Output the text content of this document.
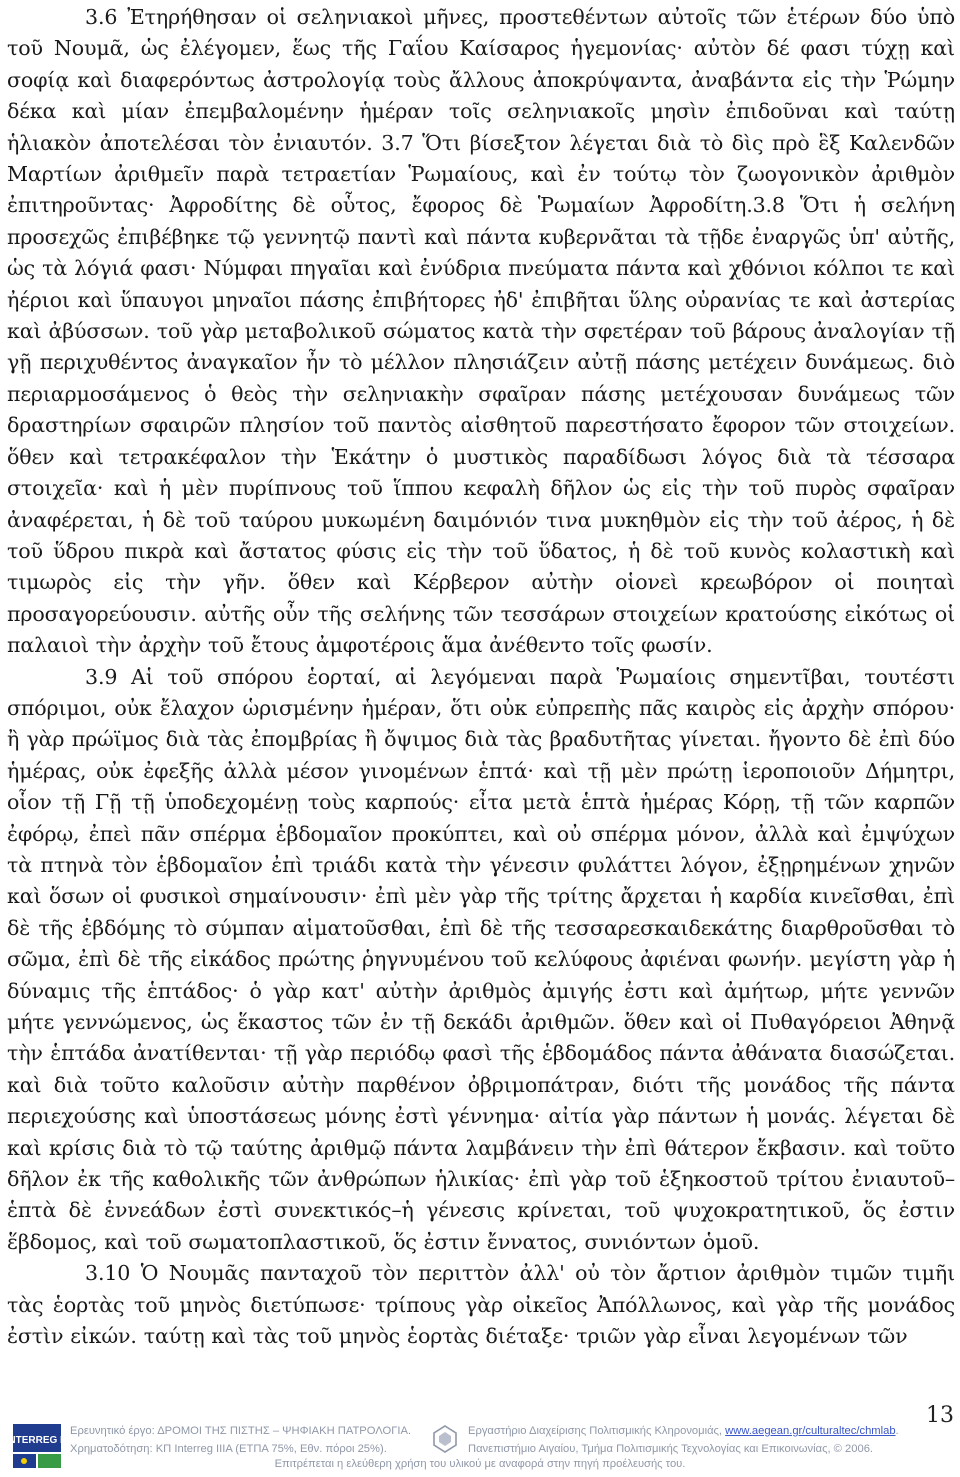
3.6 Ἐτηρήθησαν οἱ σεληνιακοὶ μῆνες, προστεθέντων αὐτοῖς τῶν ἑτέρων δύο ὑπὸ τοῦ Νουμᾶ, ὡς ἐλέγομεν, ἕως τῆς Γαΐου Καίσαρος ἡγεμονίας· αὐτὸν δέ φασι τύχῃ καὶ σοφίᾳ καὶ διαφερόντως ἀστρολογίᾳ τοὺς ἄλλους ἀποκρύψαντα, ἀναβάντα εἰς τὴν Ῥώμην δέκα καὶ μίαν ἐπεμβαλομένην ἡμέραν τοῖς σεληνιακοῖς μησὶν ἐπιδοῦναι καὶ ταύτῃ ἡλιακὸν ἀποτελέσαι τὸν ἐνιαυτόν. 3.7 Ὅτι βίσεξτον λέγεται διὰ τὸ δὶς πρὸ ἓξ Καλενδῶν Μαρτίων ἀριθμεῖν παρὰ τετραετίαν Ῥωμαίους, καὶ ἐν τούτῳ τὸν ζωογονικὸν ἀριθμὸν ἐπιτηροῦντας· Ἀφροδίτης δὲ οὗτος, ἔφορος δὲ Ῥωμαίων Ἀφροδίτη.3.8 Ὅτι ἡ σελήνη προσεχῶς ἐπιβέβηκε τῷ γεννητῷ παντὶ καὶ πάντα κυβερνᾶται τὰ τῇδε ἐναργῶς ὑπ' αὐτῆς, ὡς τὰ λόγιά φασι· Νύμφαι πηγαῖαι καὶ ἐνύδρια πνεύματα πάντα καὶ χθόνιοι κόλποι τε καὶ ἠέριοι καὶ ὕπαυγοι μηναῖοι πάσης ἐπιβήτορες ἠδ' ἐπιβῆται ὕλης οὐρανίας τε καὶ ἀστερίας καὶ ἀβύσσων. τοῦ γὰρ μεταβολικοῦ σώματος κατὰ τὴν σφετέραν τοῦ βάρους ἀναλογίαν τῇ γῇ περιχυθέντος ἀναγκαῖον ἦν τὸ μέλλον πλησιάζειν αὐτῇ πάσης μετέχειν δυνάμεως. διὸ περιαρμοσάμενος ὁ θεὸς τὴν σεληνιακὴν σφαῖραν πάσης μετέχουσαν δυνάμεως τῶν δραστηρίων σφαιρῶν πλησίον τοῦ παντὸς αἰσθητοῦ παρεστήσατο ἔφορον τῶν στοιχείων. ὅθεν καὶ τετρακέφαλον τὴν Ἑκάτην ὁ μυστικὸς παραδίδωσι λόγος διὰ τὰ τέσσαρα στοιχεῖα· καὶ ἡ μὲν πυρίπνους τοῦ ἵππου κεφαλὴ δῆλον ὡς εἰς τὴν τοῦ πυρὸς σφαῖραν ἀναφέρεται, ἡ δὲ τοῦ ταύρου μυκωμένη δαιμόνιόν τινα μυκηθμὸν εἰς τὴν τοῦ ἀέρος, ἡ δὲ τοῦ ὕδρου πικρὰ καὶ ἄστατος φύσις εἰς τὴν τοῦ ὕδατος, ἡ δὲ τοῦ κυνὸς κολαστικὴ καὶ τιμωρὸς εἰς τὴν γῆν. ὅθεν καὶ Κέρβερον αὐτὴν οἱονεὶ κρεωβόρον οἱ ποιηταὶ προσαγορεύουσιν. αὐτῆς οὖν τῆς σελήνης τῶν τεσσάρων στοιχείων κρατούσης εἰκότως οἱ παλαιοὶ τὴν ἀρχὴν τοῦ ἔτους ἀμφοτέροις ἅμα ἀνέθεντο τοῖς φωσίν.

3.9 Αἱ τοῦ σπόρου ἑορταί, αἱ λεγόμεναι παρὰ Ῥωμαίοις σημεντῖβαι, τουτέστι σπόριμοι, οὐκ ἔλαχον ὡρισμένην ἡμέραν, ὅτι οὐκ εὐπρεπὴς πᾶς καιρὸς εἰς ἀρχὴν σπόρου· ἢ γὰρ πρώϊμος διὰ τὰς ἐπομβρίας ἢ ὄψιμος διὰ τὰς βραδυτῆτας γίνεται. ἤγοντο δὲ ἐπὶ δύο ἡμέρας, οὐκ ἐφεξῆς ἀλλὰ μέσον γινομένων ἑπτά· καὶ τῇ μὲν πρώτῃ ἱεροποιοῦν Δήμητρι, οἷον τῇ Γῇ τῇ ὑποδεχομένῃ τοὺς καρπούς· εἶτα μετὰ ἑπτὰ ἡμέρας Κόρῃ, τῇ τῶν καρπῶν ἐφόρῳ, ἐπεὶ πᾶν σπέρμα ἑβδομαῖον προκύπτει, καὶ οὐ σπέρμα μόνον, ἀλλὰ καὶ ἐμψύχων τὰ πτηνὰ τὸν ἑβδομαῖον ἐπὶ τριάδι κατὰ τὴν γένεσιν φυλάττει λόγον, ἐξῃρημένων χηνῶν καὶ ὅσων οἱ φυσικοὶ σημαίνουσιν· ἐπὶ μὲν γὰρ τῆς τρίτης ἄρχεται ἡ καρδία κινεῖσθαι, ἐπὶ δὲ τῆς ἑβδόμης τὸ σύμπαν αἱματοῦσθαι, ἐπὶ δὲ τῆς τεσσαρεσκαιδεκάτης διαρθροῦσθαι τὸ σῶμα, ἐπὶ δὲ τῆς εἰκάδος πρώτης ῥηγνυμένου τοῦ κελύφους ἀφιέναι φωνήν. μεγίστη γὰρ ἡ δύναμις τῆς ἑπτάδος· ὁ γὰρ κατ' αὐτὴν ἀριθμὸς ἀμιγής ἐστι καὶ ἀμήτωρ, μήτε γεννῶν μήτε γεννώμενος, ὡς ἕκαστος τῶν ἐν τῇ δεκάδι ἀριθμῶν. ὅθεν καὶ οἱ Πυθαγόρειοι Ἀθηνᾷ τὴν ἑπτάδα ἀνατίθενται· τῇ γὰρ περιόδῳ φασὶ τῆς ἑβδομάδος πάντα ἀθάνατα διασώζεται. καὶ διὰ τοῦτο καλοῦσιν αὐτὴν παρθένον ὀβριμοπάτραν, διότι τῆς μονάδος τῆς πάντα περιεχούσης καὶ ὑποστάσεως μόνης ἐστὶ γέννημα· αἰτία γὰρ πάντων ἡ μονάς. λέγεται δὲ καὶ κρίσις διὰ τὸ τῷ ταύτης ἀριθμῷ πάντα λαμβάνειν τὴν ἐπὶ θάτερον ἔκβασιν. καὶ τοῦτο δῆλον ἐκ τῆς καθολικῆς τῶν ἀνθρώπων ἡλικίας· ἐπὶ γὰρ τοῦ ἑξηκοστοῦ τρίτου ἐνιαυτοῦ–ἑπτὰ δὲ ἐννεάδων ἐστὶ συνεκτικός–ἡ γένεσις κρίνεται, τοῦ ψυχοκρατητικοῦ, ὅς ἐστιν ἕβδομος, καὶ τοῦ σωματοπλαστικοῦ, ὅς ἐστιν ἔννατος, συνιόντων ὁμοῦ.

3.10 Ὁ Νουμᾶς πανταχοῦ τὸν περιττὸν ἀλλ' οὐ τὸν ἄρτιον ἀριθμὸν τιμῶν τιμῆι τὰς ἑορτὰς τοῦ μηνὸς διετύπωσε· τρίπους γὰρ οἰκεῖος Ἀπόλλωνος, καὶ γὰρ τῆς μονάδος ἐστὶν εἰκών. ταύτῃ καὶ τὰς τοῦ μηνὸς ἑορτὰς διέταξε· τριῶν γὰρ εἶναι λεγομένων τῶν

13
INTERREG III
Ερευνητικό έργο: ΔΡΟΜΟΙ ΤΗΣ ΠΙΣΤΗΣ – ΨΗΦΙΑΚΗ ΠΑΤΡΟΛΟΓΙΑ.
Χρηματοδότηση: ΚΠ Interreg IIIA (ΕΤΠΑ 75%, Εθν. πόροι 25%).
Εργαστήριο Διαχείρισης Πολιτισμικής Κληρονομιάς, www.aegean.gr/culturaltec/chmlab.
Πανεπιστήμιο Αιγαίου, Τμήμα Πολιτισμικής Τεχνολογίας και Επικοινωνίας, © 2006.
Επιτρέπεται η ελεύθερη χρήση του υλικού με αναφορά στην πηγή προέλευσής του.
